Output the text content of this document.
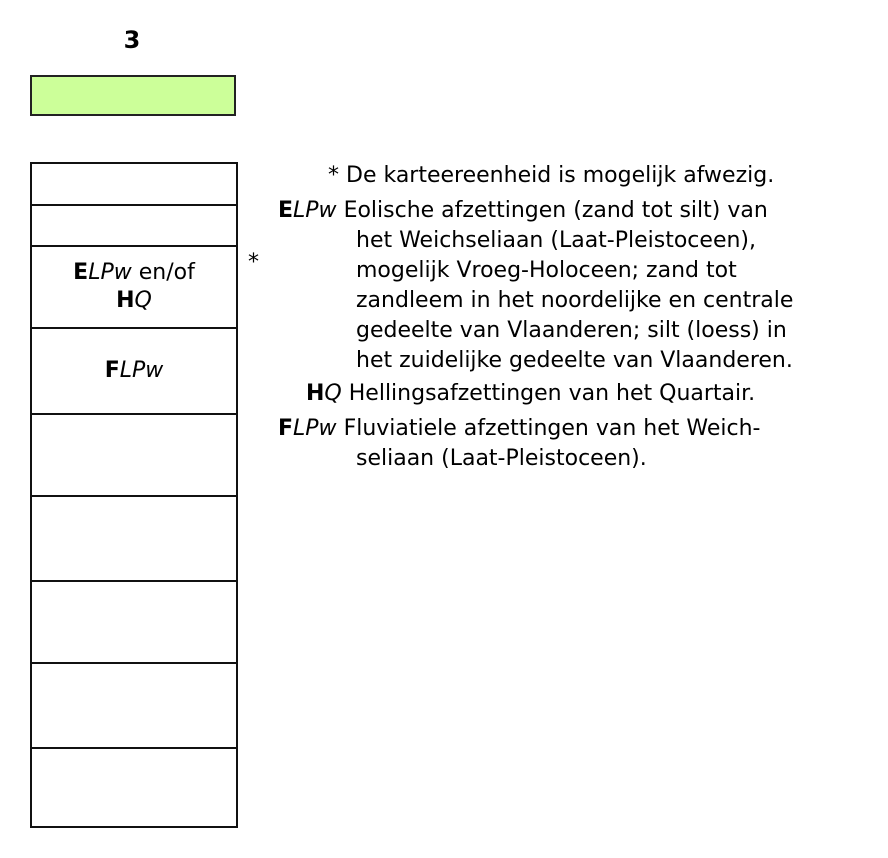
3
ELPw en/of
HQ
FLPw
*
* De karteereenheid is mogelijk afwezig.
ELPw Eolische afzettingen (zand tot silt) van
het Weichseliaan (Laat-Pleistoceen),
mogelijk Vroeg-Holoceen; zand tot
zandleem in het noordelijke en centrale
gedeelte van Vlaanderen; silt (loess) in
het zuidelijke gedeelte van Vlaanderen.
HQ Hellingsafzettingen van het Quartair.
FLPw Fluviatiele afzettingen van het Weich-
seliaan (Laat-Pleistoceen).
